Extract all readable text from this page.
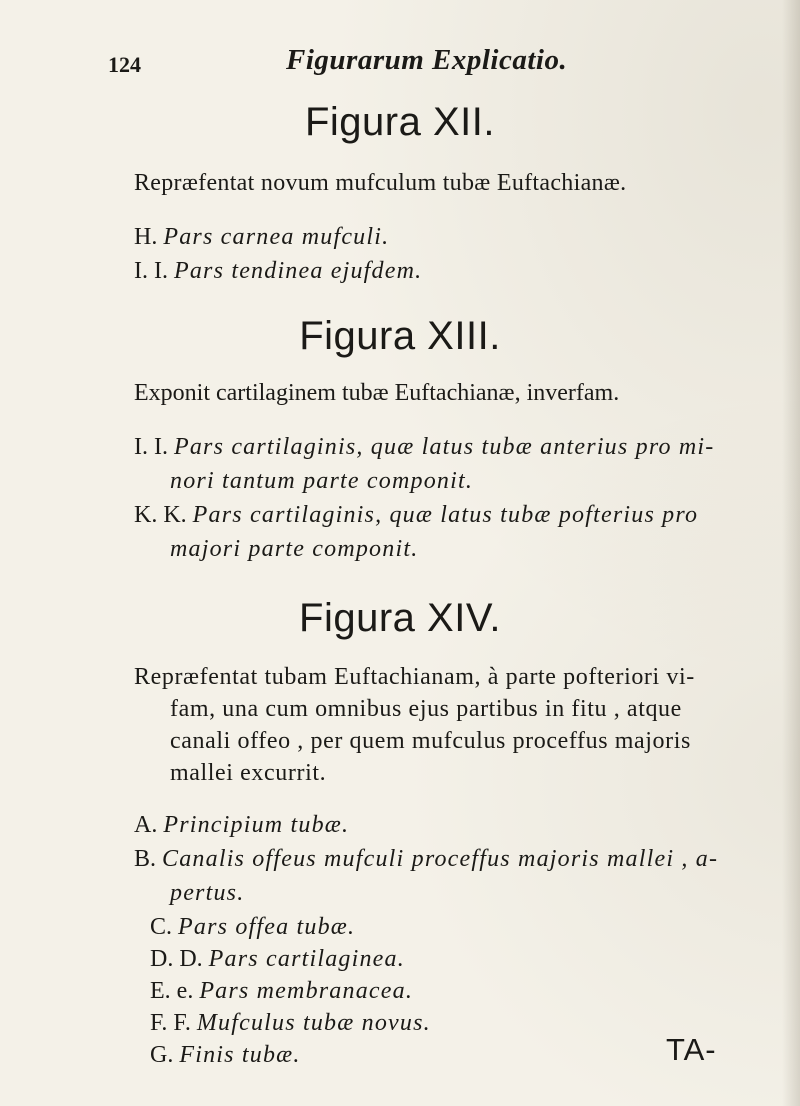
124	Figurarum Explicatio.
Figura XII.
Repræfentat novum mufculum tubæ Euftachianæ.
H. Pars carnea mufculi.
I. I. Pars tendinea ejufdem.
Figura XIII.
Exponit cartilaginem tubæ Euftachianæ, inverfam.
I. I. Pars cartilaginis, quæ latus tubæ anterius pro mi-
nori tantum parte componit.
K. K. Pars cartilaginis, quæ latus tubæ pofterius pro
majori parte componit.
Figura XIV.
Repræfentat tubam Euftachianam, à parte pofteriori vi-
fam, una cum omnibus ejus partibus in fitu , atque
canali offeo , per quem mufculus proceffus majoris
mallei excurrit.
A. Principium tubæ.
B. Canalis offeus mufculi proceffus majoris mallei , a-
pertus.
C. Pars offea tubæ.
D. D. Pars cartilaginea.
E. e. Pars membranacea.
F. F. Mufculus tubæ novus.
G. Finis tubæ.	TA-
